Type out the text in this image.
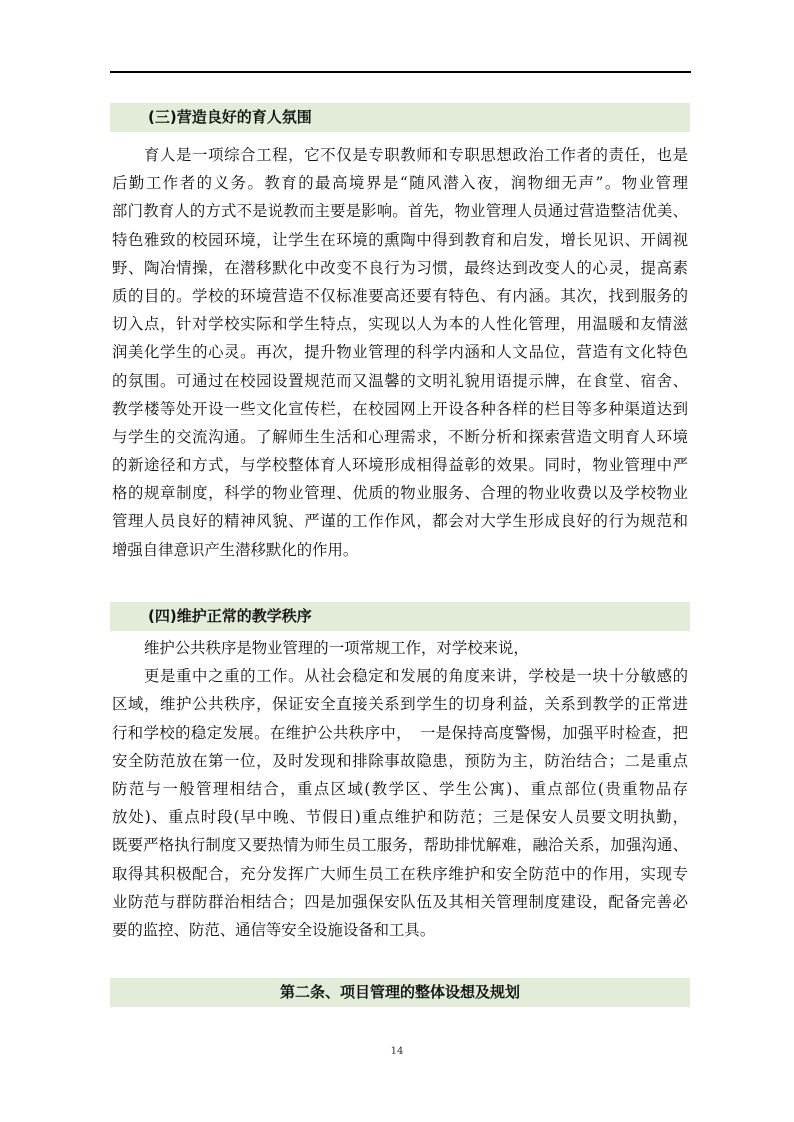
(三)营造良好的育人氛围
育人是一项综合工程，它不仅是专职教师和专职思想政治工作者的责任，也是
后勤工作者的义务。教育的最高境界是“随风潜入夜，润物细无声”。物业管理
部门教育人的方式不是说教而主要是影响。首先，物业管理人员通过营造整洁优美、
特色雅致的校园环境，让学生在环境的熏陶中得到教育和启发，增长见识、开阔视
野、陶冶情操，在潜移默化中改变不良行为习惯，最终达到改变人的心灵，提高素
质的目的。学校的环境营造不仅标准要高还要有特色、有内涵。其次，找到服务的
切入点，针对学校实际和学生特点，实现以人为本的人性化管理，用温暖和友情滋
润美化学生的心灵。再次，提升物业管理的科学内涵和人文品位，营造有文化特色
的氛围。可通过在校园设置规范而又温馨的文明礼貌用语提示牌，在食堂、宿舍、
教学楼等处开设一些文化宣传栏，在校园网上开设各种各样的栏目等多种渠道达到
与学生的交流沟通。了解师生生活和心理需求，不断分析和探索营造文明育人环境
的新途径和方式，与学校整体育人环境形成相得益彰的效果。同时，物业管理中严
格的规章制度，科学的物业管理、优质的物业服务、合理的物业收费以及学校物业
管理人员良好的精神风貌、严谨的工作作风，都会对大学生形成良好的行为规范和
增强自律意识产生潜移默化的作用。
(四)维护正常的教学秩序
维护公共秩序是物业管理的一项常规工作，对学校来说，
更是重中之重的工作。从社会稳定和发展的角度来讲，学校是一块十分敏感的
区域，维护公共秩序，保证安全直接关系到学生的切身利益，关系到教学的正常进
行和学校的稳定发展。在维护公共秩序中，　一是保持高度警惕，加强平时检查，把
安全防范放在第一位，及时发现和排除事故隐患，预防为主，防治结合；二是重点
防范与一般管理相结合，重点区域(教学区、学生公寓)、重点部位(贵重物品存
放处)、重点时段(早中晚、节假日)重点维护和防范；三是保安人员要文明执勤，
既要严格执行制度又要热情为师生员工服务，帮助排忧解难，融洽关系，加强沟通、
取得其积极配合，充分发挥广大师生员工在秩序维护和安全防范中的作用，实现专
业防范与群防群治相结合；四是加强保安队伍及其相关管理制度建设，配备完善必
要的监控、防范、通信等安全设施设备和工具。
第二条、项目管理的整体设想及规划
14
